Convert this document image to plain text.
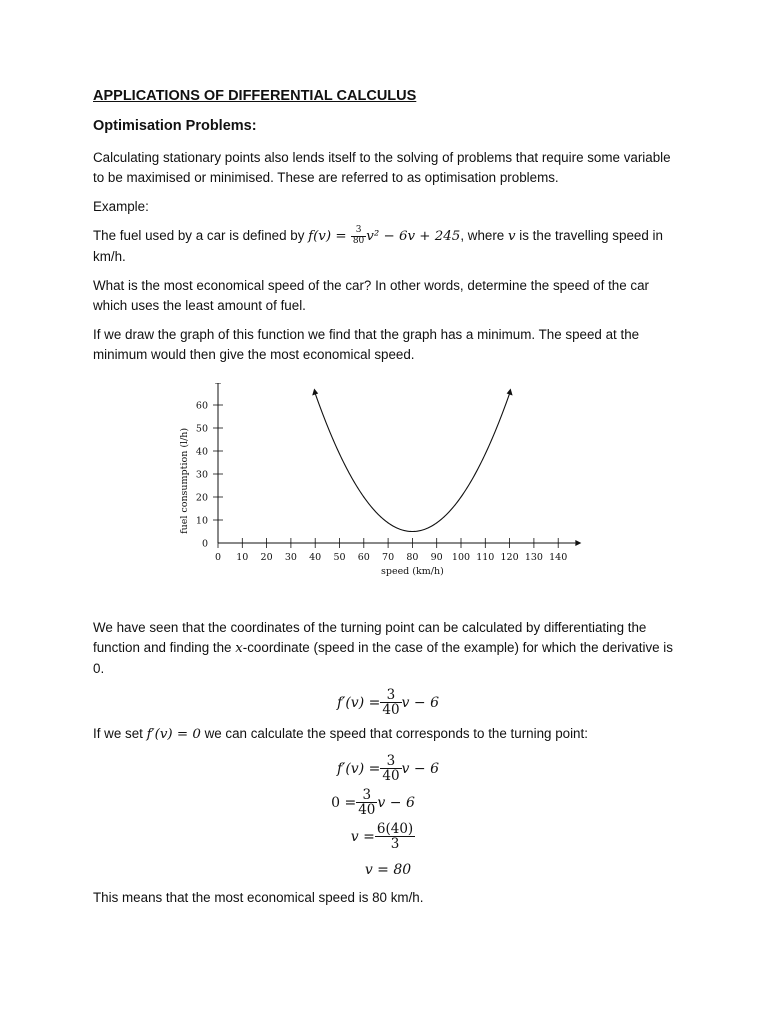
APPLICATIONS OF DIFFERENTIAL CALCULUS
Optimisation Problems:

Calculating stationary points also lends itself to the solving of problems that require some variable to be maximised or minimised. These are referred to as optimisation problems.

Example:

The fuel used by a car is defined by $f(v) = \frac{3}{80} v^2 - 6v + 245$, where v is the travelling speed in km/h.

What is the most economical speed of the car? In other words, determine the speed of the car which uses the least amount of fuel.

If we draw the graph of this function we find that the graph has a minimum. The speed at the minimum would then give the most economical speed.

0 10 20 30 40 50 60 70 80 90 100 110 120 130 140
0
10
20
30
40
50
60
speed (km/h)
fuel consumption (l/h)

We have seen that the coordinates of the turning point can be calculated by differentiating the function and finding the x-coordinate (speed in the case of the example) for which the derivative is 0.

$f'(v) = \frac{3}{40}$ v − 6

If we set f′(v) = 0 we can calculate the speed that corresponds to the turning point:

$f'(v) = \frac{3}{40}$ v − 6
$0 = \frac{3}{40}$ v − 6
$v = \frac{6(40)}{3}$
v = 80

This means that the most economical speed is 80 km/h.
